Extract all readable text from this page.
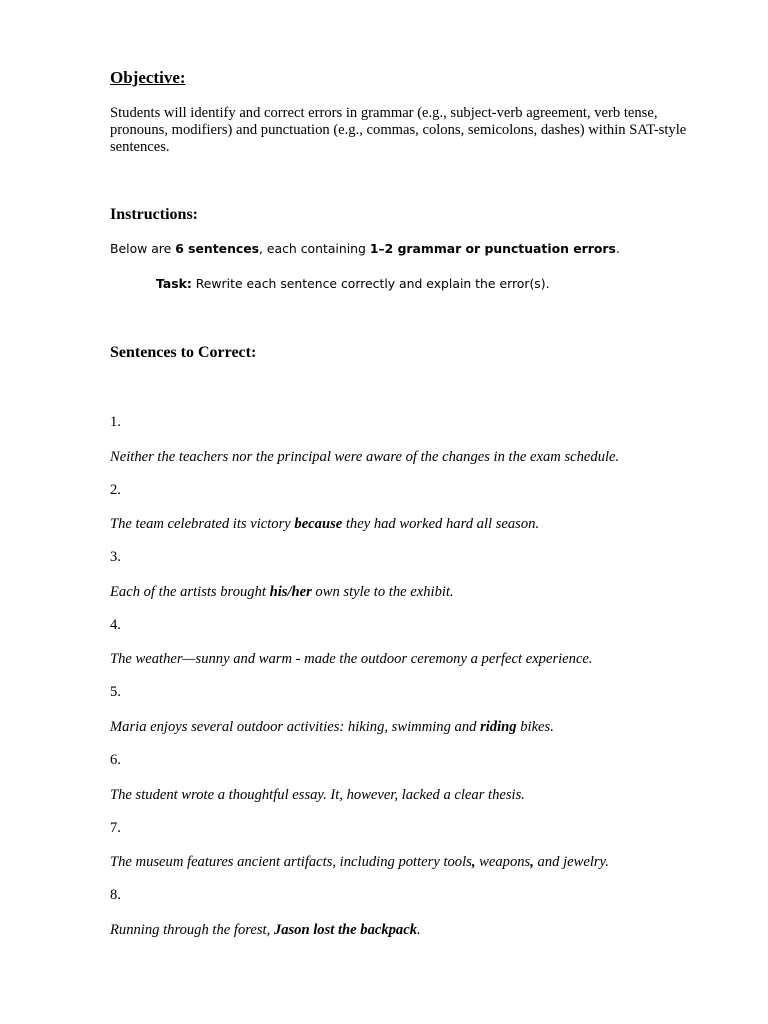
Objective:
Students will identify and correct errors in grammar (e.g., subject-verb agreement, verb tense, pronouns, modifiers) and punctuation (e.g., commas, colons, semicolons, dashes) within SAT-style sentences.
Instructions:
Below are 6 sentences, each containing 1–2 grammar or punctuation errors.
Task: Rewrite each sentence correctly and explain the error(s).
Sentences to Correct:
1.
Neither the teachers nor the principal were aware of the changes in the exam schedule.
2.
The team celebrated its victory because they had worked hard all season.
3.
Each of the artists brought his/her own style to the exhibit.
4.
The weather—sunny and warm - made the outdoor ceremony a perfect experience.
5.
Maria enjoys several outdoor activities: hiking, swimming and riding bikes.
6.
The student wrote a thoughtful essay. It, however, lacked a clear thesis.
7.
The museum features ancient artifacts, including pottery tools, weapons, and jewelry.
8.
Running through the forest, Jason lost the backpack.
